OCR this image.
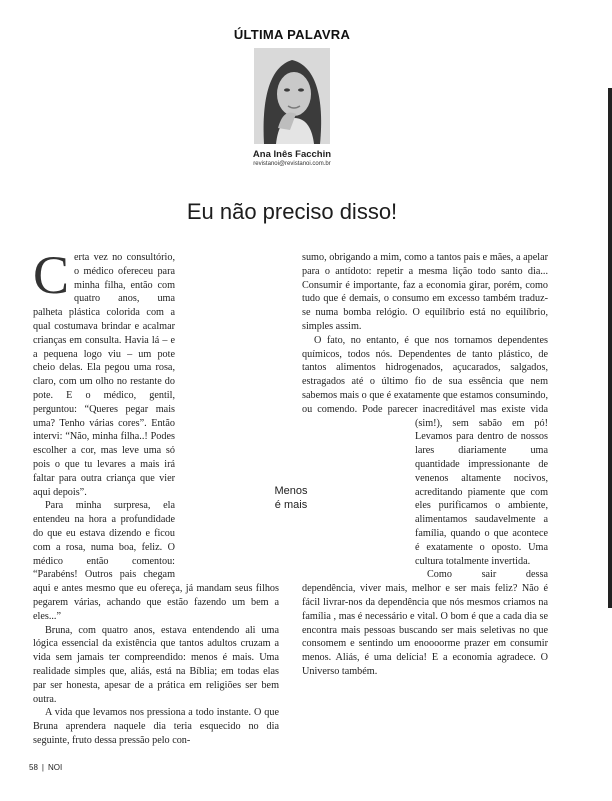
ÚLTIMA PALAVRA
Ana Inês Facchin
revistanoi@revistanoi.com.br
Eu não preciso disso!

Certa vez no consultório, o médico ofereceu para minha filha, então com quatro anos, uma palheta plástica colorida com a qual costumava brindar e acalmar crianças em consulta. Havia lá – e a pequena logo viu – um pote cheio delas. Ela pegou uma rosa, claro, com um olho no restante do pote. E o médico, gentil, perguntou: “Queres pegar mais uma? Tenho várias cores”. Então intervi: “Não, minha filha..! Podes escolher a cor, mas leve uma só pois o que tu levares a mais irá faltar para outra criança que vier aqui depois”.

Para minha surpresa, ela entendeu na hora a profundidade do que eu estava dizendo e ficou com a rosa, numa boa, feliz. O médico então comentou: “Parabéns! Outros pais chegam aqui e antes mesmo que eu ofereça, já mandam seus filhos pegarem várias, achando que estão fazendo um bem a eles...”

Bruna, com quatro anos, estava entendendo ali uma lógica essencial da existência que tantos adultos cruzam a vida sem jamais ter compreendido: menos é mais. Uma realidade simples que, aliás, está na Bíblia; em todas elas par ser honesta, apesar de a prática em religiões ser bem outra.

A vida que levamos nos pressiona a todo instante. O que Bruna aprendera naquele dia teria esquecido no dia seguinte, fruto dessa pressão pelo con-

sumo, obrigando a mim, como a tantos pais e mães, a apelar para o antídoto: repetir a mesma lição todo santo dia... Consumir é importante, faz a economia girar, porém, como tudo que é demais, o consumo em excesso também traduz-se numa bomba relógio. O equilíbrio está no equilíbrio, simples assim.

O fato, no entanto, é que nos tornamos dependentes químicos, todos nós. Dependentes de tanto plástico, de tantos alimentos hidrogenados, açucarados, salgados, estragados até o último fio de sua essência que nem sabemos mais o que é exatamente que estamos consumindo, ou comendo. Pode parecer inacreditável mas existe vida (sim!), sem sabão em pó! Levamos para dentro de nossos lares diariamente uma quantidade impressionante de venenos altamente nocivos, acreditando piamente que com eles purificamos o ambiente, alimentamos saudavelmente a família, quando o que acontece é exatamente o oposto. Uma cultura totalmente invertida.

Como sair dessa dependência, viver mais, melhor e ser mais feliz? Não é fácil livrar-nos da dependência que nós mesmos criamos na família , mas é necessário e vital. O bom é que a cada dia se encontra mais pessoas buscando ser mais seletivas no que consomem e sentindo um enoooorme prazer em consumir menos. Aliás, é uma delícia! E a economia agradece. O Universo também.

Menos
é mais
58 | NOI
